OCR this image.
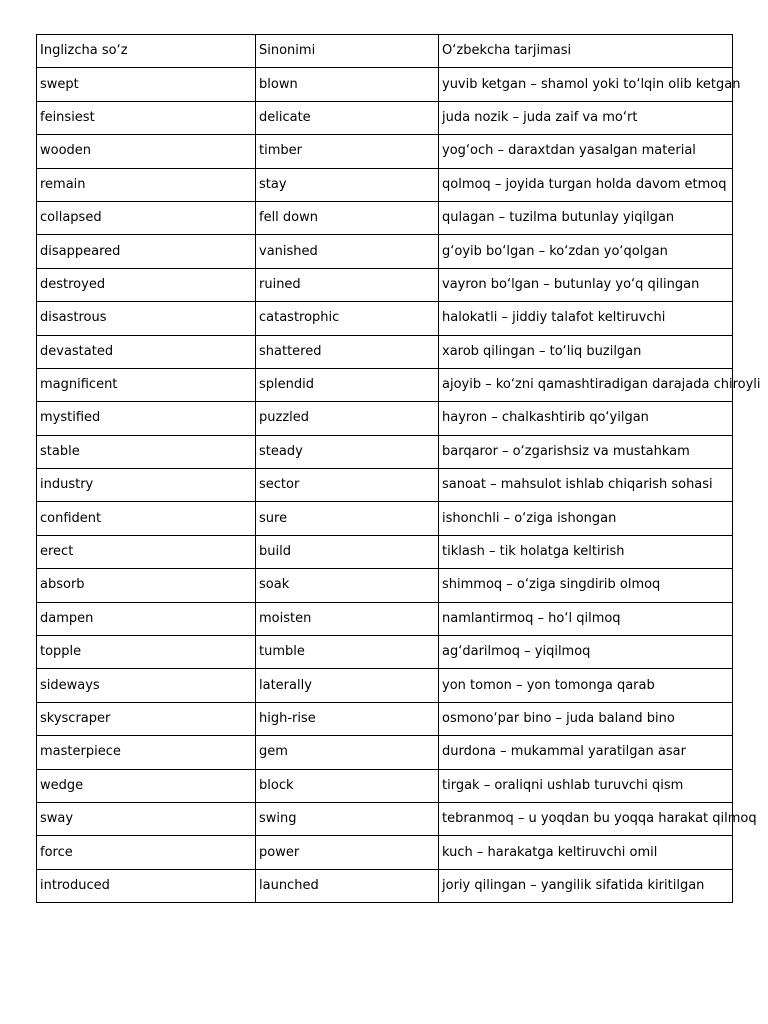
Inglizcha so‘z	Sinonimi	O‘zbekcha tarjimasi
swept	blown	yuvib ketgan – shamol yoki to‘lqin olib ketgan
feinsiest	delicate	juda nozik – juda zaif va mo‘rt
wooden	timber	yog‘och – daraxtdan yasalgan material
remain	stay	qolmoq – joyida turgan holda davom etmoq
collapsed	fell down	qulagan – tuzilma butunlay yiqilgan
disappeared	vanished	g‘oyib bo‘lgan – ko‘zdan yo‘qolgan
destroyed	ruined	vayron bo‘lgan – butunlay yo‘q qilingan
disastrous	catastrophic	halokatli – jiddiy talafot keltiruvchi
devastated	shattered	xarob qilingan – to‘liq buzilgan
magnificent	splendid	ajoyib – ko‘zni qamashtiradigan darajada chiroyli
mystified	puzzled	hayron – chalkashtirib qo‘yilgan
stable	steady	barqaror – o‘zgarishsiz va mustahkam
industry	sector	sanoat – mahsulot ishlab chiqarish sohasi
confident	sure	ishonchli – o‘ziga ishongan
erect	build	tiklash – tik holatga keltirish
absorb	soak	shimmoq – o‘ziga singdirib olmoq
dampen	moisten	namlantirmoq – ho‘l qilmoq
topple	tumble	ag‘darilmoq – yiqilmoq
sideways	laterally	yon tomon – yon tomonga qarab
skyscraper	high-rise	osmono‘par bino – juda baland bino
masterpiece	gem	durdona – mukammal yaratilgan asar
wedge	block	tirgak – oraliqni ushlab turuvchi qism
sway	swing	tebranmoq – u yoqdan bu yoqqa harakat qilmoq
force	power	kuch – harakatga keltiruvchi omil
introduced	launched	joriy qilingan – yangilik sifatida kiritilgan
